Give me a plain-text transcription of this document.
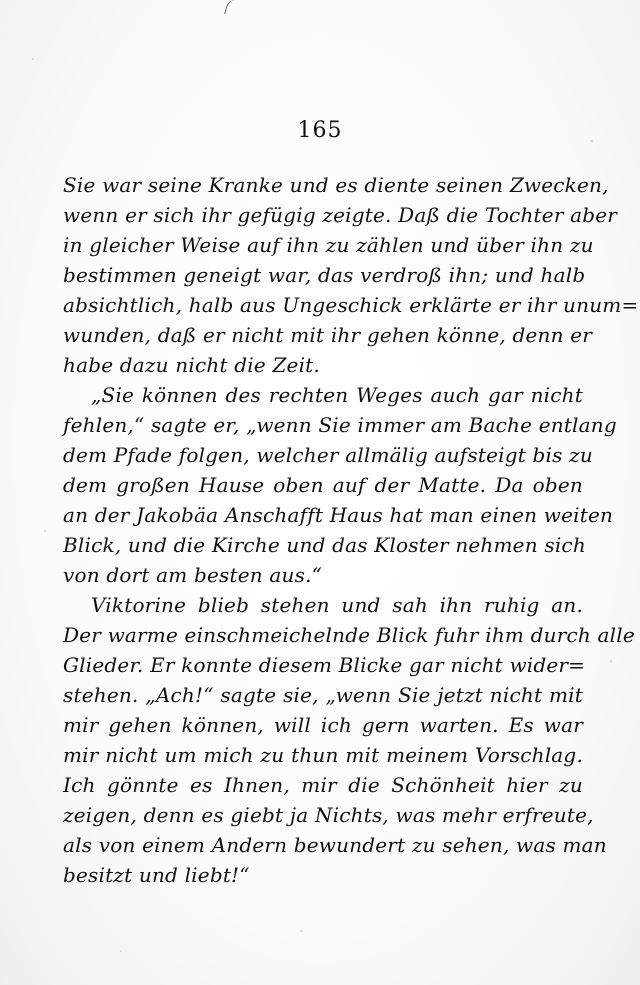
165
Sie war seine Kranke und es diente seinen Zwecken,
wenn er sich ihr gefügig zeigte. Daß die Tochter aber
in gleicher Weise auf ihn zu zählen und über ihn zu
bestimmen geneigt war, das verdroß ihn; und halb
absichtlich, halb aus Ungeschick erklärte er ihr unum=
wunden, daß er nicht mit ihr gehen könne, denn er
habe dazu nicht die Zeit.
„Sie können des rechten Weges auch gar nicht
fehlen,“ sagte er, „wenn Sie immer am Bache entlang
dem Pfade folgen, welcher allmälig aufsteigt bis zu
dem großen Hause oben auf der Matte. Da oben
an der Jakobäa Anschafft Haus hat man einen weiten
Blick, und die Kirche und das Kloster nehmen sich
von dort am besten aus.“
Viktorine blieb stehen und sah ihn ruhig an.
Der warme einschmeichelnde Blick fuhr ihm durch alle
Glieder. Er konnte diesem Blicke gar nicht wider=
stehen. „Ach!“ sagte sie, „wenn Sie jetzt nicht mit
mir gehen können, will ich gern warten. Es war
mir nicht um mich zu thun mit meinem Vorschlag.
Ich gönnte es Ihnen, mir die Schönheit hier zu
zeigen, denn es giebt ja Nichts, was mehr erfreute,
als von einem Andern bewundert zu sehen, was man
besitzt und liebt!“
